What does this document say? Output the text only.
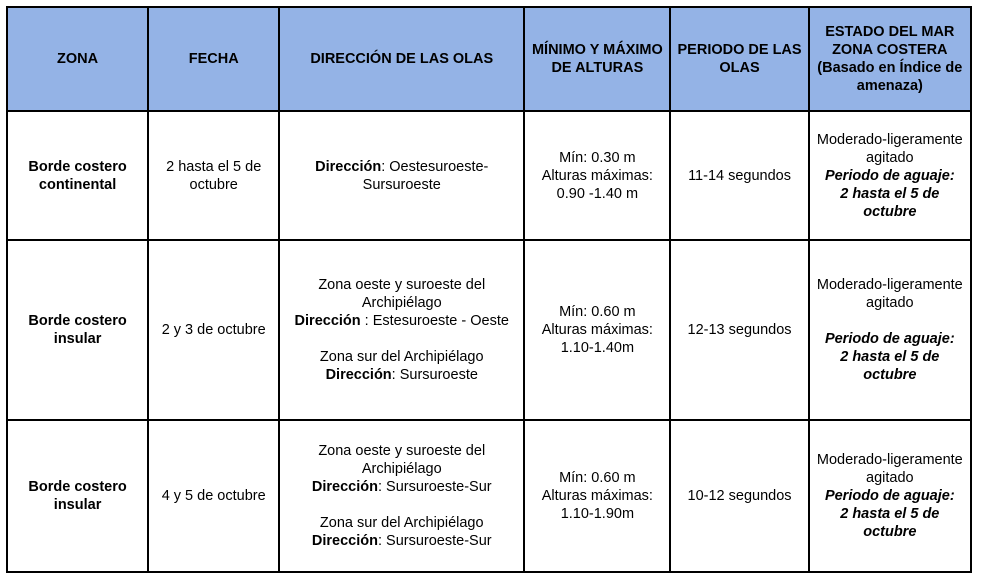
ZONA	FECHA	DIRECCIÓN DE LAS OLAS	MÍNIMO Y MÁXIMO DE ALTURAS	PERIODO DE LAS OLAS	ESTADO DEL MAR ZONA COSTERA
(Basado en Índice de amenaza)

Borde costero continental	2 hasta el 5 de octubre	Dirección: Oestesuroeste-Sursuroeste	Mín: 0.30 m
Alturas máximas:
0.90 -1.40 m	11-14 segundos	Moderado-ligeramente agitado
Periodo de aguaje:
2 hasta el 5 de octubre

Borde costero insular	2 y 3 de octubre	Zona oeste y suroeste del Archipiélago
Dirección : Estesuroeste - Oeste
Zona sur del Archipiélago
Dirección: Sursuroeste	Mín: 0.60 m
Alturas máximas:
1.10-1.40m	12-13 segundos	Moderado-ligeramente agitado
Periodo de aguaje:
2 hasta el 5 de octubre

Borde costero insular	4 y 5 de octubre	Zona oeste y suroeste del Archipiélago
Dirección: Sursuroeste-Sur
Zona sur del Archipiélago
Dirección: Sursuroeste-Sur	Mín: 0.60 m
Alturas máximas:
1.10-1.90m	10-12 segundos	Moderado-ligeramente agitado
Periodo de aguaje:
2 hasta el 5 de octubre
